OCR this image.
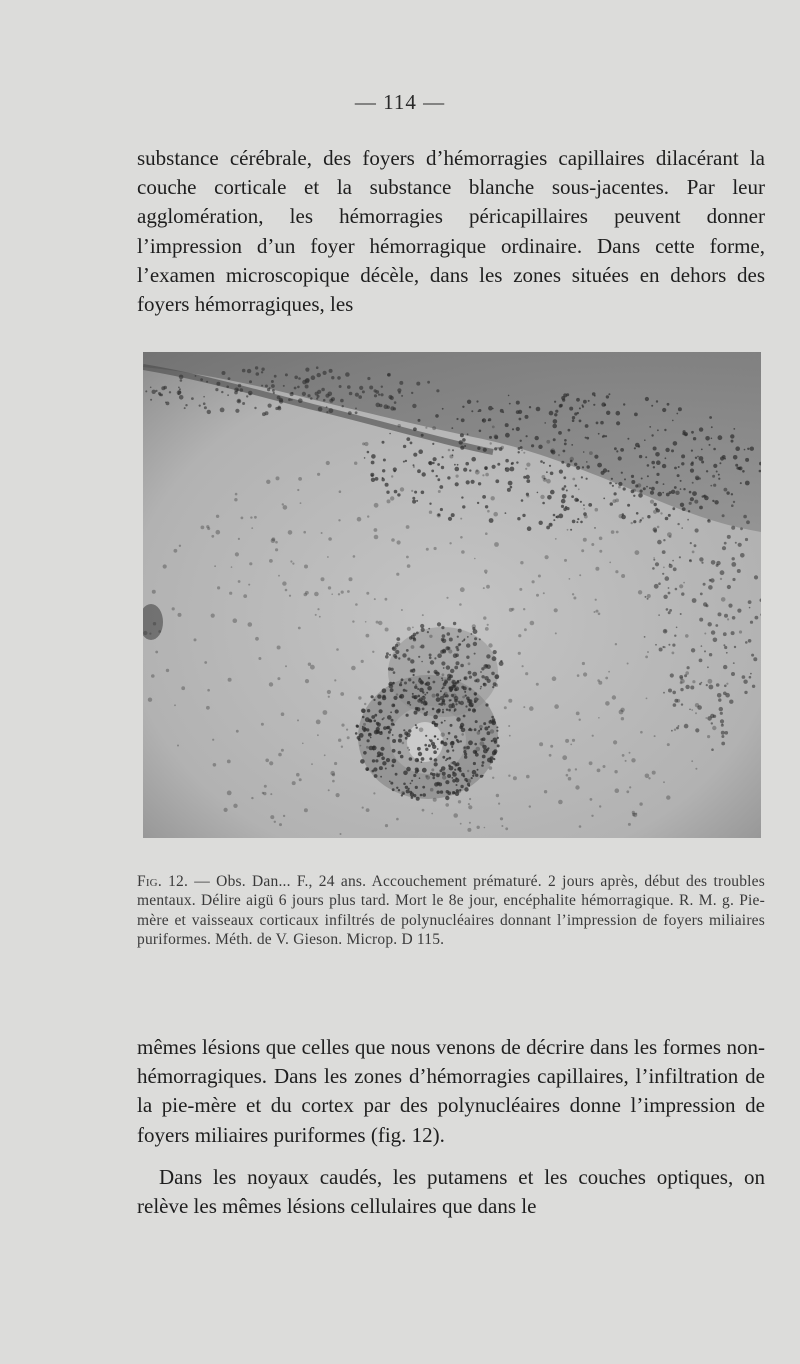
— 114 —

substance cérébrale, des foyers d’hémorragies capillaires dilacérant la couche corticale et la substance blanche sous-jacentes. Par leur agglomération, les hémorragies péricapillaires peuvent donner l’impression d’un foyer hémorragique ordinaire. Dans cette forme, l’examen microscopique décèle, dans les zones situées en dehors des foyers hémorragiques, les

Fig. 12. — Obs. Dan... F., 24 ans. Accouchement prématuré. 2 jours après, début des troubles mentaux. Délire aigü 6 jours plus tard. Mort le 8e jour, encéphalite hémorragique. R. M. g. Pie-mère et vaisseaux corticaux infiltrés de polynucléaires donnant l’impression de foyers miliaires puriformes. Méth. de V. Gieson. Microp. D 115.

mêmes lésions que celles que nous venons de décrire dans les formes non-hémorragiques. Dans les zones d’hémorragies capillaires, l’infiltration de la pie-mère et du cortex par des polynucléaires donne l’impression de foyers miliaires puriformes (fig. 12).

Dans les noyaux caudés, les putamens et les couches optiques, on relève les mêmes lésions cellulaires que dans le
